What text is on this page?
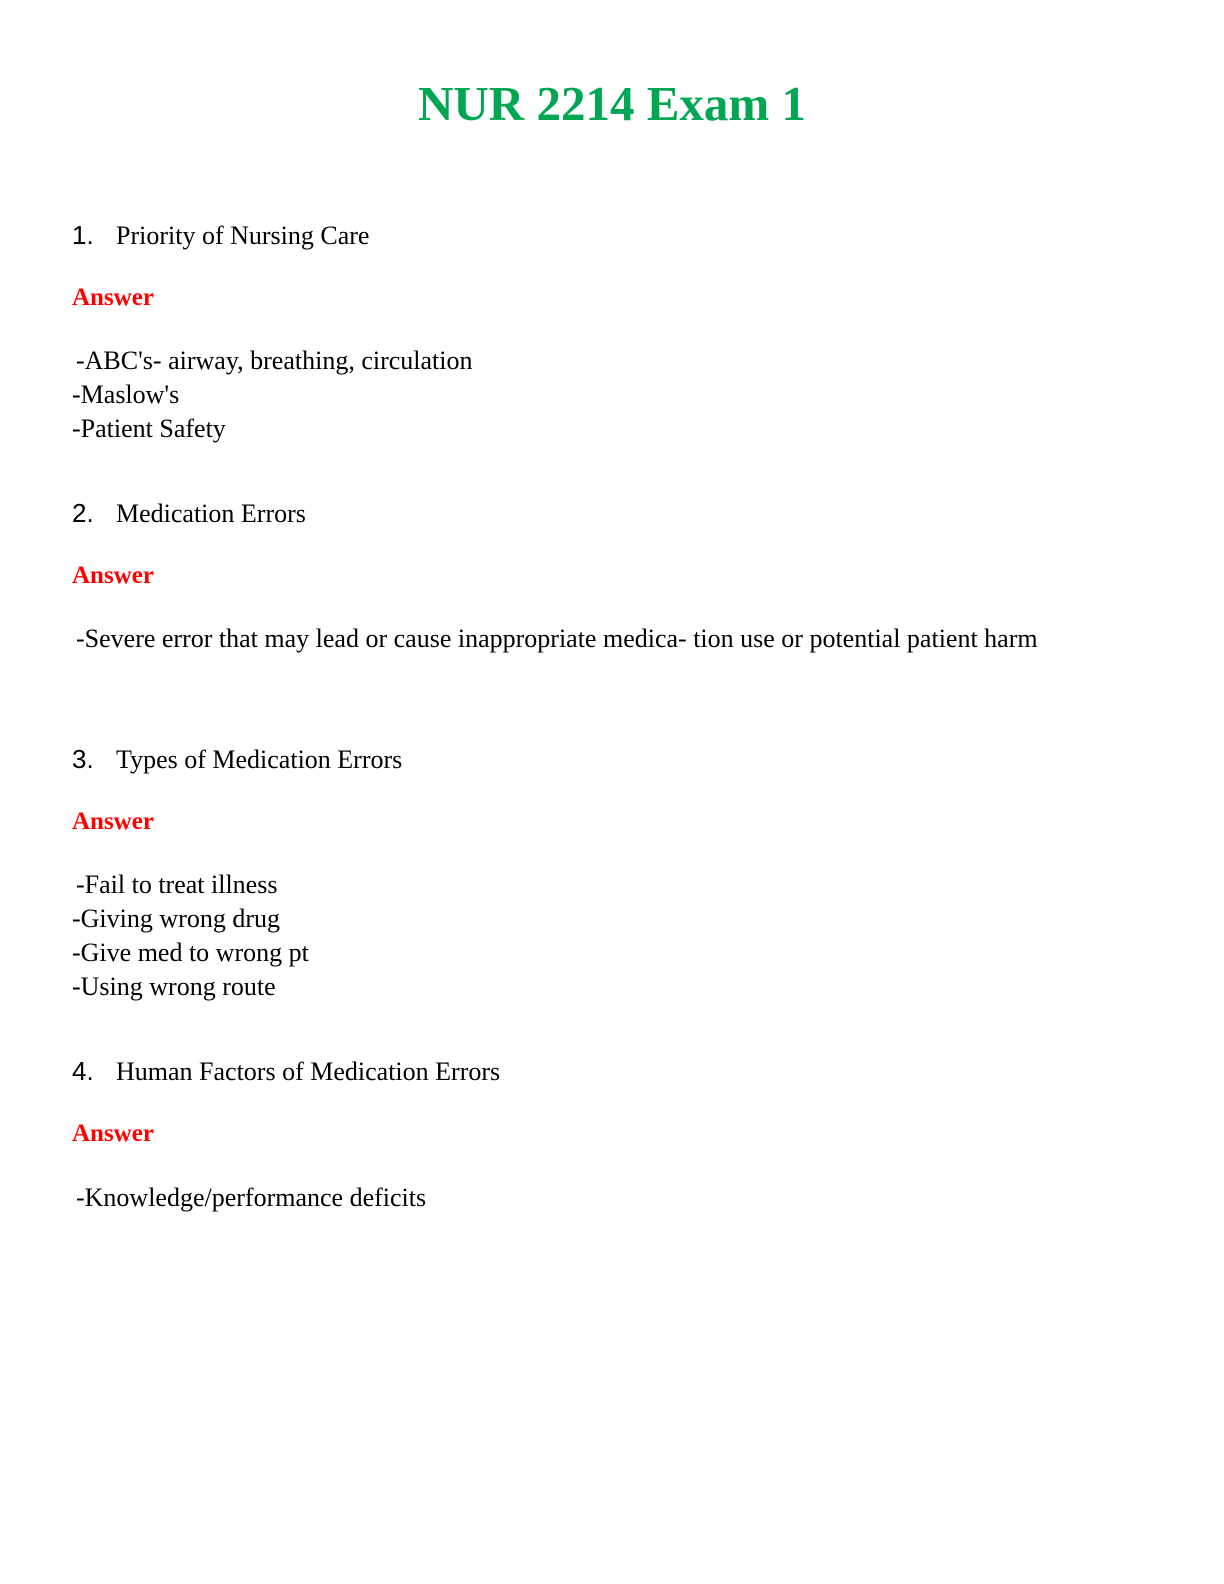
NUR 2214 Exam 1
1. Priority of Nursing Care
Answer
-ABC's- airway, breathing, circulation
-Maslow's
-Patient Safety
2. Medication Errors
Answer
-Severe error that may lead or cause inappropriate medica- tion use or potential patient harm
3. Types of Medication Errors
Answer
-Fail to treat illness
-Giving wrong drug
-Give med to wrong pt
-Using wrong route
4. Human Factors of Medication Errors
Answer
-Knowledge/performance deficits
